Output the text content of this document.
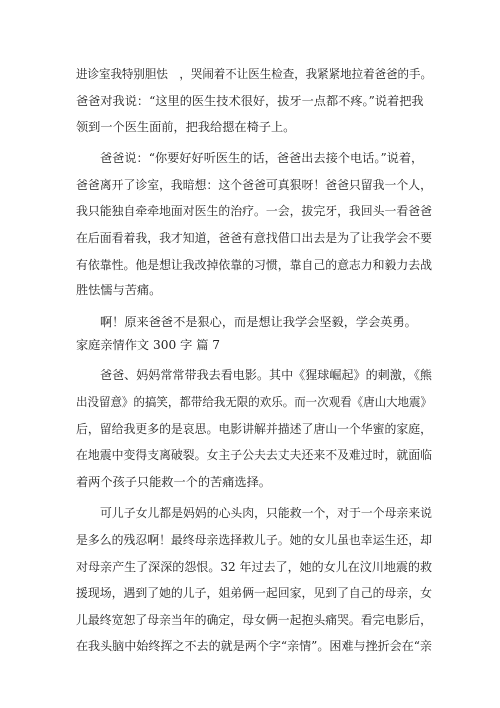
进诊室我特别胆怯　，哭闹着不让医生检查，我紧紧地拉着爸爸的手。
爸爸对我说：“这里的医生技术很好，拔牙一点都不疼。”说着把我
领到一个医生面前，把我给摁在椅子上。
爸爸说：“你要好好听医生的话，爸爸出去接个电话。”说着，
爸爸离开了诊室，我暗想：这个爸爸可真狠呀！爸爸只留我一个人，
我只能独自牵牵地面对医生的治疗。一会，拔完牙，我回头一看爸爸
在后面看着我，我才知道，爸爸有意找借口出去是为了让我学会不要
有依靠性。他是想让我改掉依靠的习惯，靠自己的意志力和毅力去战
胜怯懦与苦痛。
啊！原来爸爸不是狠心，而是想让我学会坚毅，学会英勇。
家庭亲情作文 300 字 篇 7
爸爸、妈妈常常带我去看电影。其中《猩球崛起》的刺激，《熊
出没留意》的搞笑，都带给我无限的欢乐。而一次观看《唐山大地震》
后，留给我更多的是哀思。电影讲解并描述了唐山一个华蜜的家庭，
在地震中变得支离破裂。女主子公夫去丈夫还来不及难过时，就面临
着两个孩子只能救一个的苦痛选择。
可儿子女儿都是妈妈的心头肉，只能救一个，对于一个母亲来说
是多么的残忍啊！最终母亲选择救儿子。她的女儿虽也幸运生还，却
对母亲产生了深深的怨恨。32 年过去了，她的女儿在汶川地震的救
援现场，遇到了她的儿子，姐弟俩一起回家，见到了自己的母亲，女
儿最终宽恕了母亲当年的确定，母女俩一起抱头痛哭。看完电影后，
在我头脑中始终挥之不去的就是两个字“亲情”。困难与挫折会在“亲
